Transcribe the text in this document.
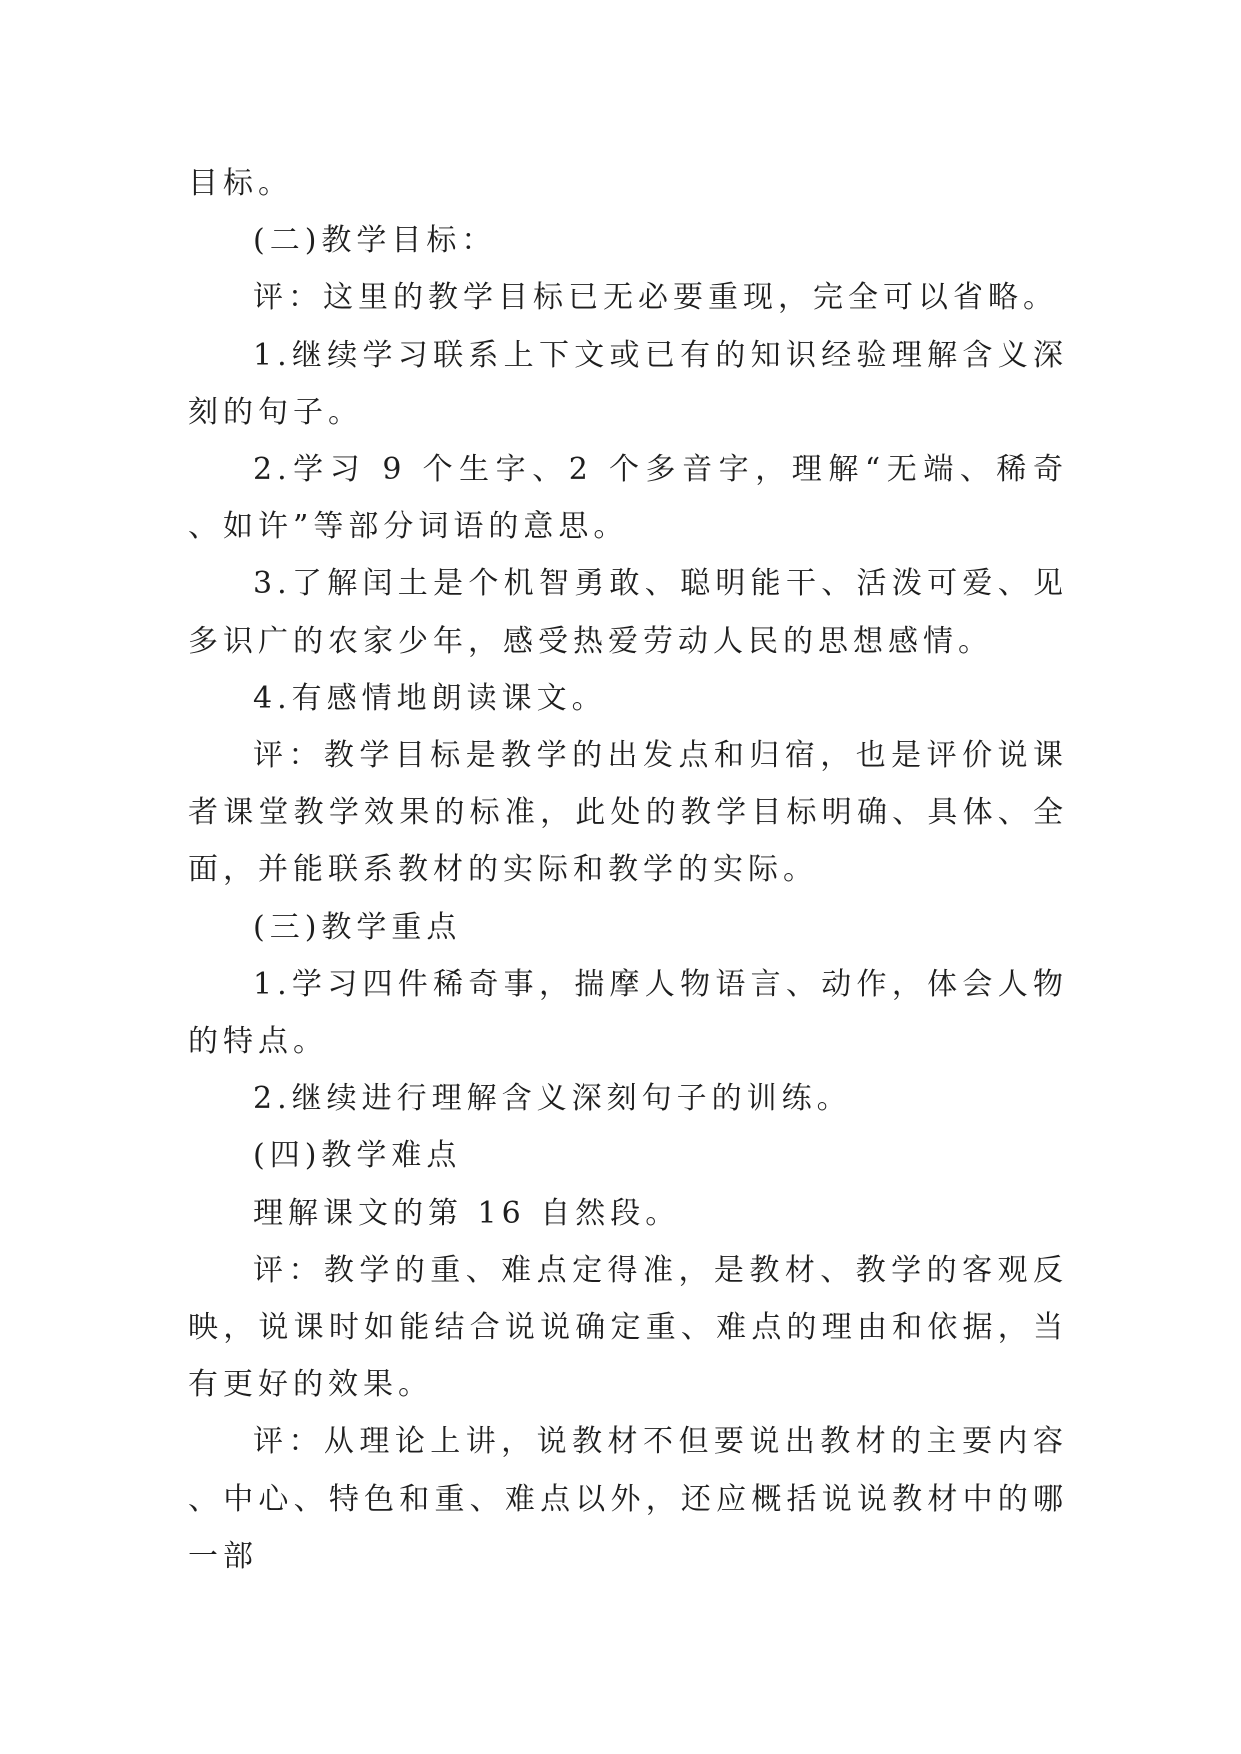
目标。

(二)教学目标：

评：这里的教学目标已无必要重现，完全可以省略。

1.继续学习联系上下文或已有的知识经验理解含义深刻的句子。

2.学习 9 个生字、2 个多音字，理解“无端、稀奇、如许”等部分词语的意思。

3.了解闰土是个机智勇敢、聪明能干、活泼可爱、见多识广的农家少年，感受热爱劳动人民的思想感情。

4.有感情地朗读课文。

评：教学目标是教学的出发点和归宿，也是评价说课者课堂教学效果的标准，此处的教学目标明确、具体、全面，并能联系教材的实际和教学的实际。

(三)教学重点

1.学习四件稀奇事，揣摩人物语言、动作，体会人物的特点。

2.继续进行理解含义深刻句子的训练。

(四)教学难点

理解课文的第 16 自然段。

评：教学的重、难点定得准，是教材、教学的客观反映，说课时如能结合说说确定重、难点的理由和依据，当有更好的效果。

评：从理论上讲，说教材不但要说出教材的主要内容、中心、特色和重、难点以外，还应概括说说教材中的哪一部
